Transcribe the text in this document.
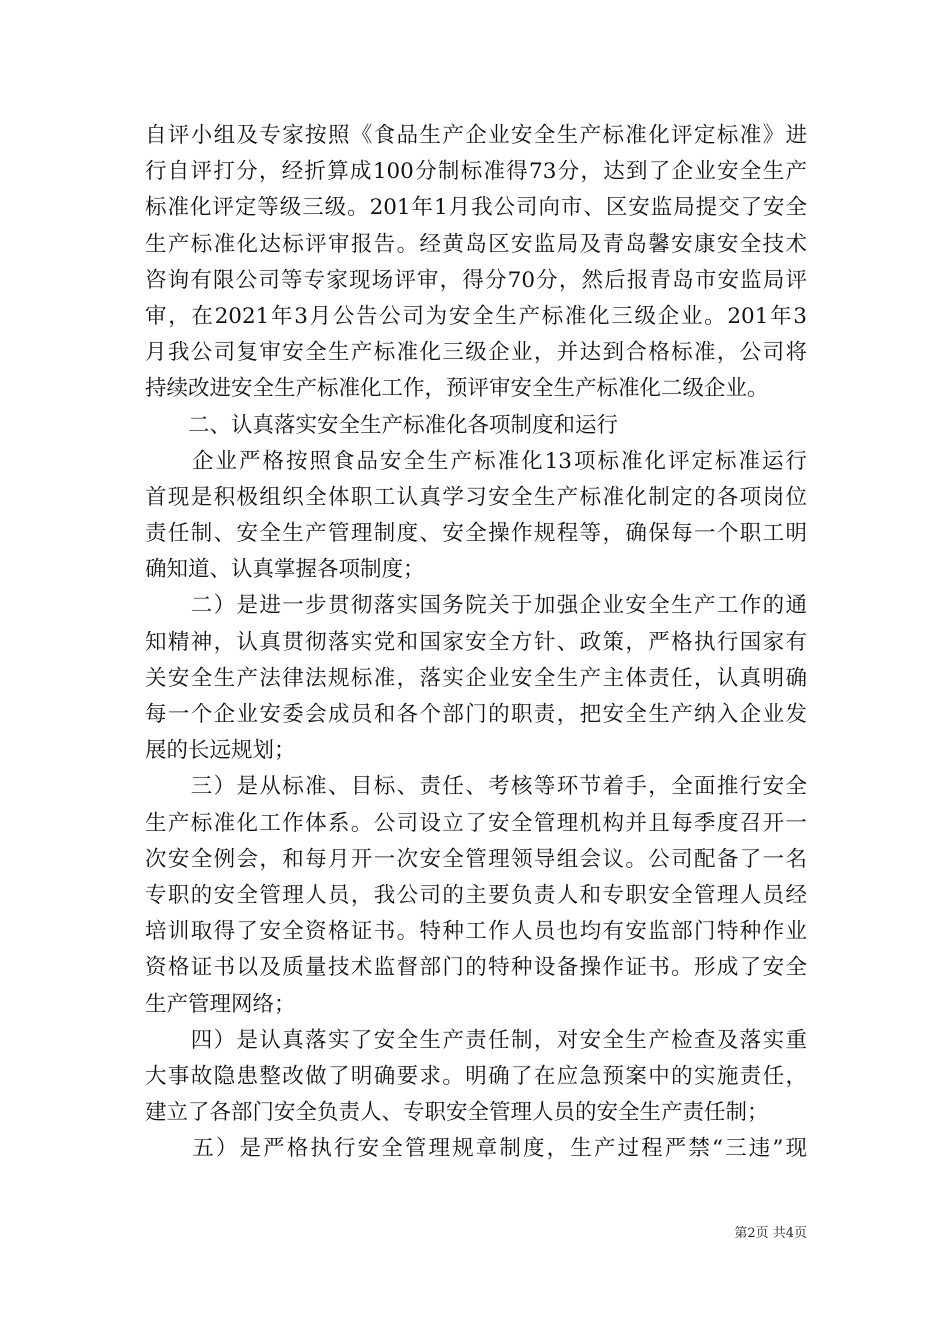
自评小组及专家按照《食品生产企业安全生产标准化评定标准》进
行自评打分，经折算成100分制标准得73分，达到了企业安全生产
标准化评定等级三级。201年1月我公司向市、区安监局提交了安全
生产标准化达标评审报告。经黄岛区安监局及青岛馨安康安全技术
咨询有限公司等专家现场评审，得分70分，然后报青岛市安监局评
审，在2021年3月公告公司为安全生产标准化三级企业。201年3
月我公司复审安全生产标准化三级企业，并达到合格标准，公司将
持续改进安全生产标准化工作，预评审安全生产标准化二级企业。
　　二、认真落实安全生产标准化各项制度和运行
　　企业严格按照食品安全生产标准化13项标准化评定标准运行
首现是积极组织全体职工认真学习安全生产标准化制定的各项岗位
责任制、安全生产管理制度、安全操作规程等，确保每一个职工明
确知道、认真掌握各项制度；
　　二）是进一步贯彻落实国务院关于加强企业安全生产工作的通
知精神，认真贯彻落实党和国家安全方针、政策，严格执行国家有
关安全生产法律法规标准，落实企业安全生产主体责任，认真明确
每一个企业安委会成员和各个部门的职责，把安全生产纳入企业发
展的长远规划；
　　三）是从标准、目标、责任、考核等环节着手，全面推行安全
生产标准化工作体系。公司设立了安全管理机构并且每季度召开一
次安全例会，和每月开一次安全管理领导组会议。公司配备了一名
专职的安全管理人员，我公司的主要负责人和专职安全管理人员经
培训取得了安全资格证书。特种工作人员也均有安监部门特种作业
资格证书以及质量技术监督部门的特种设备操作证书。形成了安全
生产管理网络；
　　四）是认真落实了安全生产责任制，对安全生产检查及落实重
大事故隐患整改做了明确要求。明确了在应急预案中的实施责任，
建立了各部门安全负责人、专职安全管理人员的安全生产责任制；
　　五）是严格执行安全管理规章制度，生产过程严禁“三违”现
第2页 共4页
